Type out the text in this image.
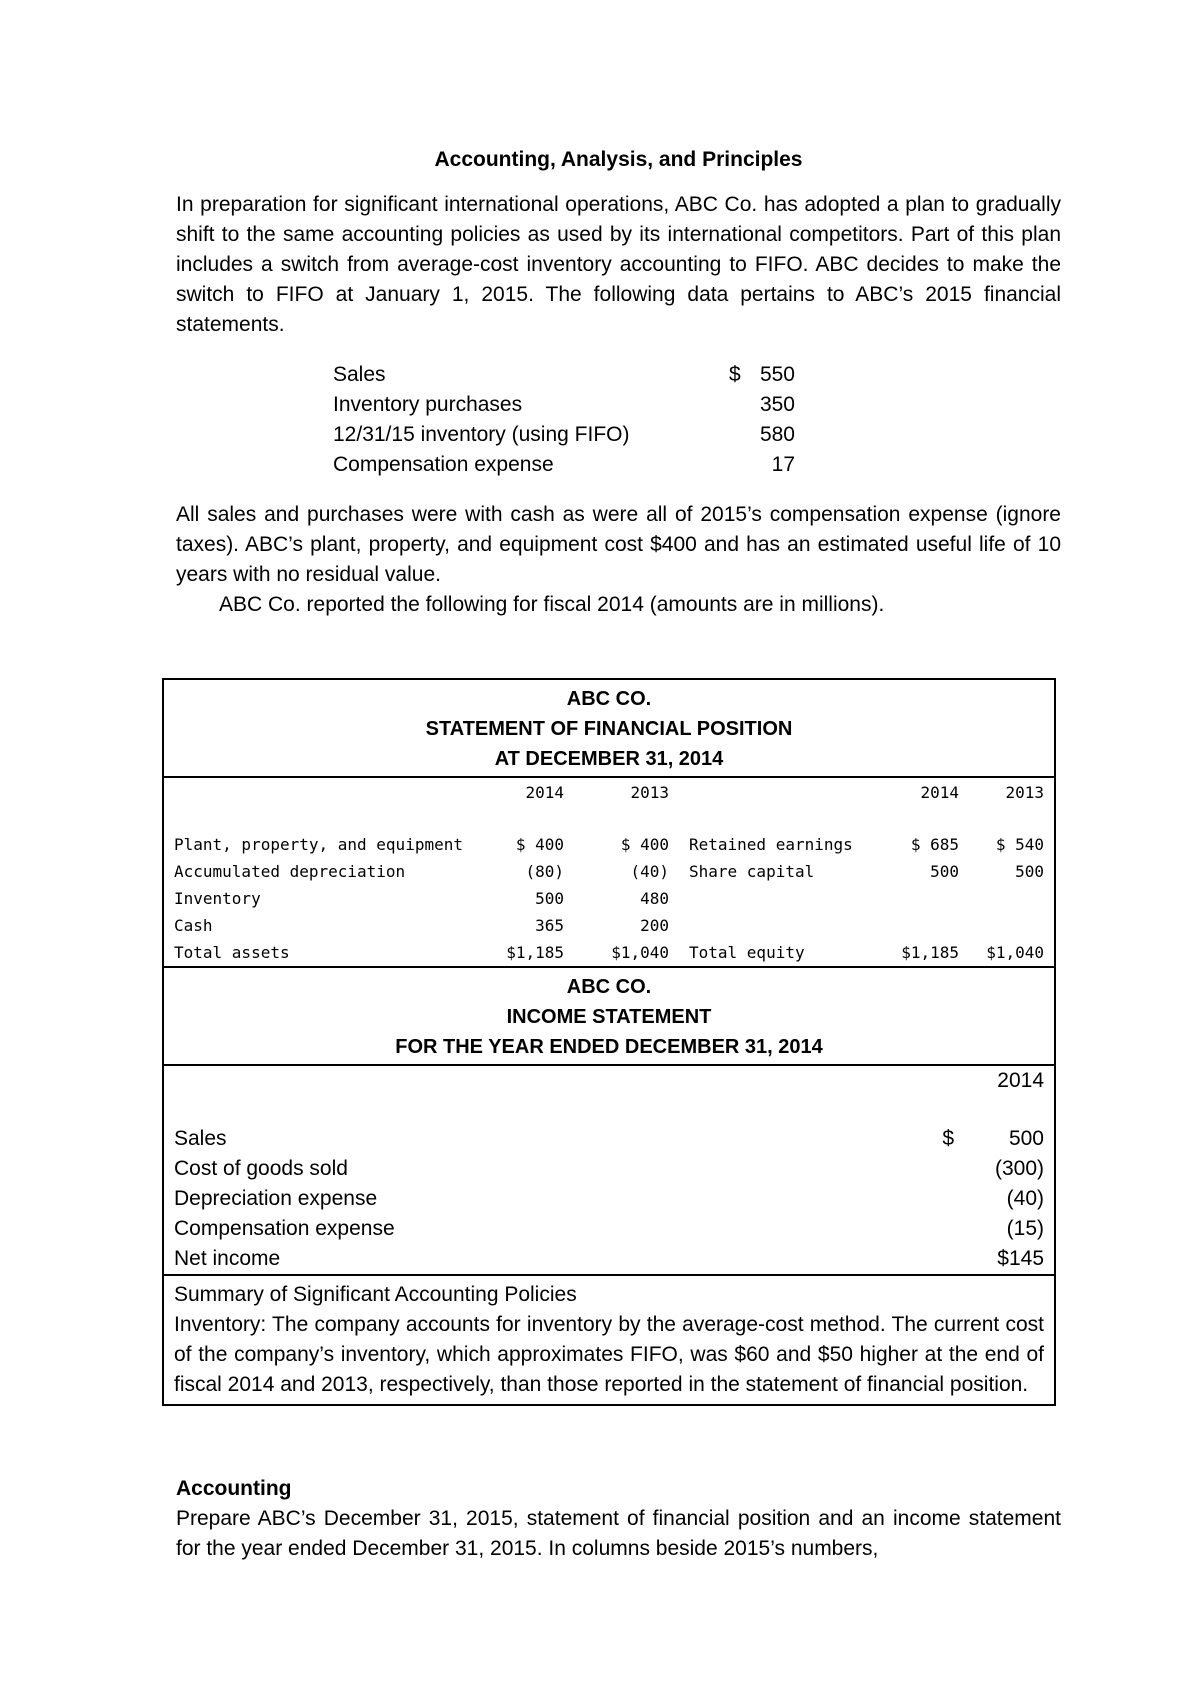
Accounting, Analysis, and Principles

In preparation for significant international operations, ABC Co. has adopted a plan to gradually shift to the same accounting policies as used by its international competitors. Part of this plan includes a switch from average-cost inventory accounting to FIFO. ABC decides to make the switch to FIFO at January 1, 2015. The following data pertains to ABC’s 2015 financial statements.

Sales	$	550
Inventory purchases		350
12/31/15 inventory (using FIFO)		580
Compensation expense		17

All sales and purchases were with cash as were all of 2015’s compensation expense (ignore taxes). ABC’s plant, property, and equipment cost $400 and has an estimated useful life of 10 years with no residual value.

ABC Co. reported the following for fiscal 2014 (amounts are in millions).

ABC CO.
STATEMENT OF FINANCIAL POSITION
AT DECEMBER 31, 2014
	2014	2013		2014	2013

Plant, property, and equipment	$ 400	$ 400	Retained earnings	$ 685	$ 540
Accumulated depreciation	(80)	(40)	Share capital	500	500
Inventory	500	480			
Cash	365	200			
Total assets	$1,185	$1,040	Total equity	$1,185	$1,040
ABC CO.
INCOME STATEMENT
FOR THE YEAR ENDED DECEMBER 31, 2014
		2014

Sales	$	500
Cost of goods sold		(300)
Depreciation expense		(40)
Compensation expense		(15)
Net income		$145
Summary of Significant Accounting Policies
Inventory: The company accounts for inventory by the average-cost method. The current cost of the company’s inventory, which approximates FIFO, was $60 and $50 higher at the end of fiscal 2014 and 2013, respectively, than those reported in the statement of financial position.

Accounting

Prepare ABC’s December 31, 2015, statement of financial position and an income statement for the year ended December 31, 2015. In columns beside 2015’s numbers,
